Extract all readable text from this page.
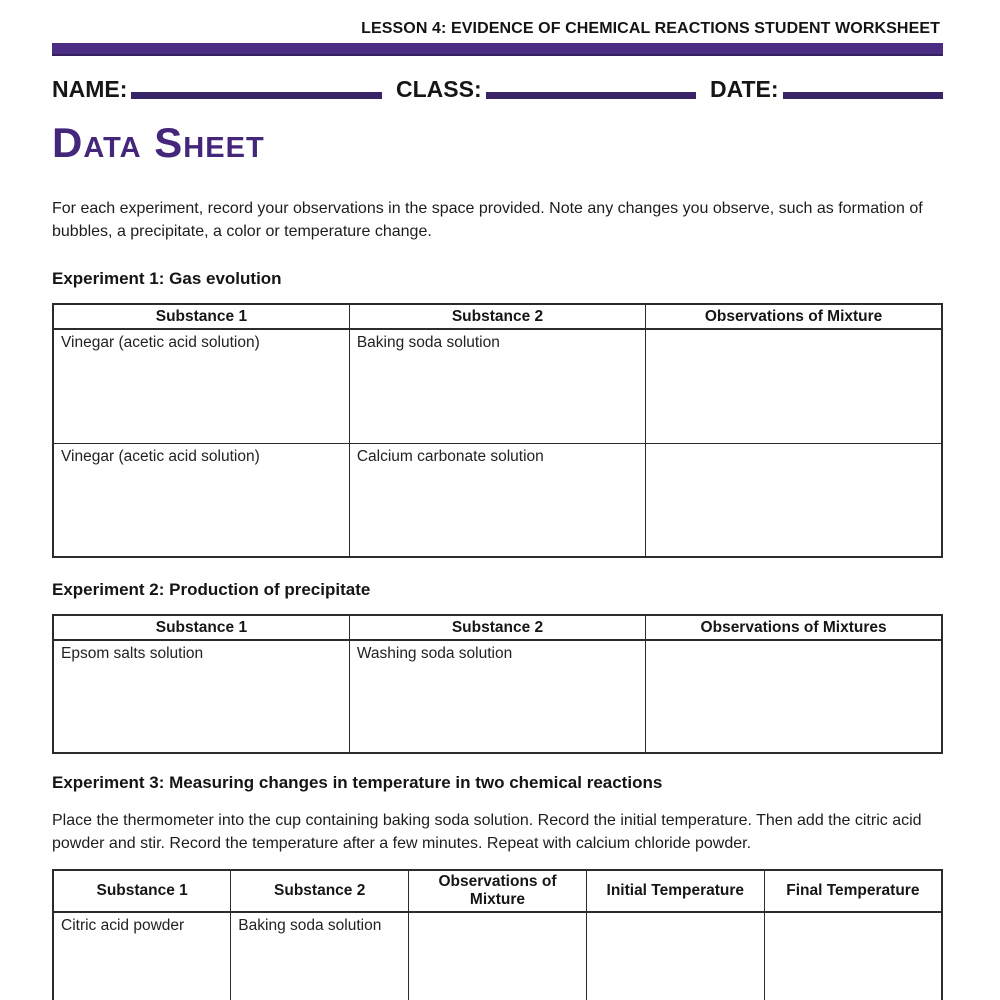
LESSON 4: EVIDENCE OF CHEMICAL REACTIONS STUDENT WORKSHEET
NAME:	CLASS:	DATE:
Data Sheet

For each experiment, record your observations in the space provided. Note any changes you observe, such as formation of bubbles, a precipitate, a color or temperature change.

Experiment 1: Gas evolution
Substance 1	Substance 2	Observations of Mixture
Vinegar (acetic acid solution)	Baking soda solution	
Vinegar (acetic acid solution)	Calcium carbonate solution	
Experiment 2: Production of precipitate
Substance 1	Substance 2	Observations of Mixtures
Epsom salts solution	Washing soda solution	
Experiment 3: Measuring changes in temperature in two chemical reactions

Place the thermometer into the cup containing baking soda solution. Record the initial temperature. Then add the citric acid powder and stir. Record the temperature after a few minutes. Repeat with calcium chloride powder.

Substance 1	Substance 2	Observations of Mixture	Initial Temperature	Final Temperature
Citric acid powder	Baking soda solution			
